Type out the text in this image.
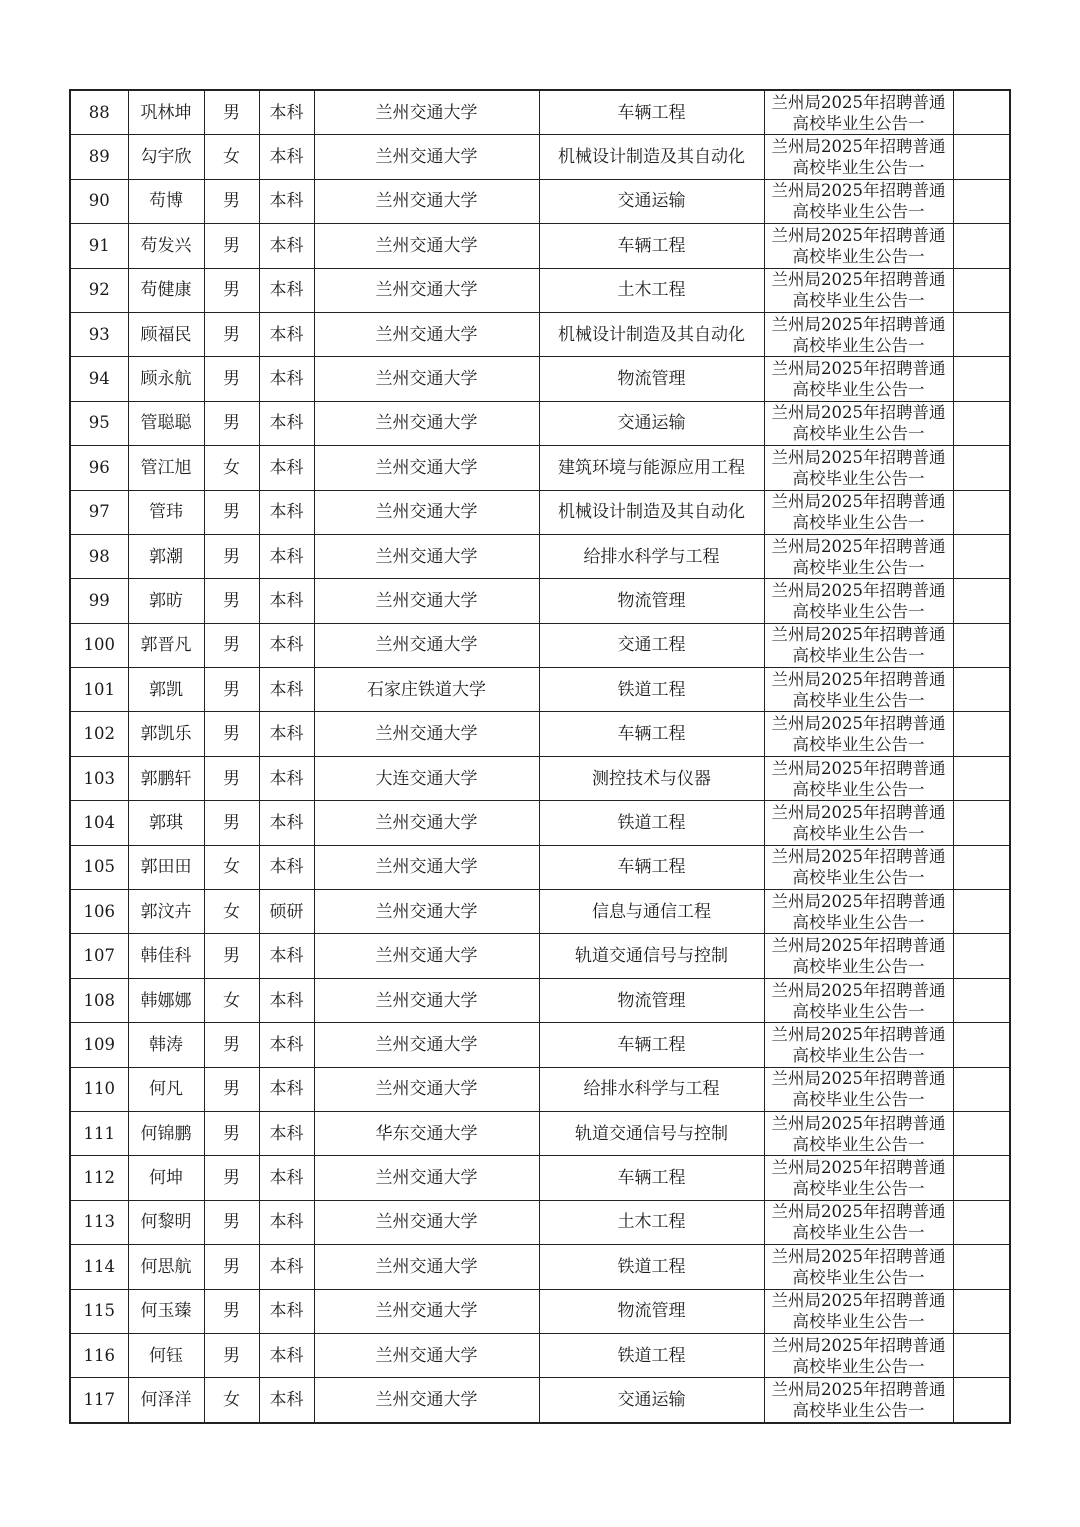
88	巩林坤	男	本科	兰州交通大学	车辆工程	兰州局2025年招聘普通
高校毕业生公告一	

89	勾宇欣	女	本科	兰州交通大学	机械设计制造及其自动化	兰州局2025年招聘普通
高校毕业生公告一	

90	苟博	男	本科	兰州交通大学	交通运输	兰州局2025年招聘普通
高校毕业生公告一	

91	苟发兴	男	本科	兰州交通大学	车辆工程	兰州局2025年招聘普通
高校毕业生公告一	

92	苟健康	男	本科	兰州交通大学	土木工程	兰州局2025年招聘普通
高校毕业生公告一	

93	顾福民	男	本科	兰州交通大学	机械设计制造及其自动化	兰州局2025年招聘普通
高校毕业生公告一	

94	顾永航	男	本科	兰州交通大学	物流管理	兰州局2025年招聘普通
高校毕业生公告一	

95	管聪聪	男	本科	兰州交通大学	交通运输	兰州局2025年招聘普通
高校毕业生公告一	

96	管江旭	女	本科	兰州交通大学	建筑环境与能源应用工程	兰州局2025年招聘普通
高校毕业生公告一	

97	管玮	男	本科	兰州交通大学	机械设计制造及其自动化	兰州局2025年招聘普通
高校毕业生公告一	

98	郭潮	男	本科	兰州交通大学	给排水科学与工程	兰州局2025年招聘普通
高校毕业生公告一	

99	郭昉	男	本科	兰州交通大学	物流管理	兰州局2025年招聘普通
高校毕业生公告一	

100	郭晋凡	男	本科	兰州交通大学	交通工程	兰州局2025年招聘普通
高校毕业生公告一	

101	郭凯	男	本科	石家庄铁道大学	铁道工程	兰州局2025年招聘普通
高校毕业生公告一	

102	郭凯乐	男	本科	兰州交通大学	车辆工程	兰州局2025年招聘普通
高校毕业生公告一	

103	郭鹏轩	男	本科	大连交通大学	测控技术与仪器	兰州局2025年招聘普通
高校毕业生公告一	

104	郭琪	男	本科	兰州交通大学	铁道工程	兰州局2025年招聘普通
高校毕业生公告一	

105	郭田田	女	本科	兰州交通大学	车辆工程	兰州局2025年招聘普通
高校毕业生公告一	

106	郭汶卉	女	硕研	兰州交通大学	信息与通信工程	兰州局2025年招聘普通
高校毕业生公告一	

107	韩佳科	男	本科	兰州交通大学	轨道交通信号与控制	兰州局2025年招聘普通
高校毕业生公告一	

108	韩娜娜	女	本科	兰州交通大学	物流管理	兰州局2025年招聘普通
高校毕业生公告一	

109	韩涛	男	本科	兰州交通大学	车辆工程	兰州局2025年招聘普通
高校毕业生公告一	

110	何凡	男	本科	兰州交通大学	给排水科学与工程	兰州局2025年招聘普通
高校毕业生公告一	

111	何锦鹏	男	本科	华东交通大学	轨道交通信号与控制	兰州局2025年招聘普通
高校毕业生公告一	

112	何坤	男	本科	兰州交通大学	车辆工程	兰州局2025年招聘普通
高校毕业生公告一	

113	何黎明	男	本科	兰州交通大学	土木工程	兰州局2025年招聘普通
高校毕业生公告一	

114	何思航	男	本科	兰州交通大学	铁道工程	兰州局2025年招聘普通
高校毕业生公告一	

115	何玉臻	男	本科	兰州交通大学	物流管理	兰州局2025年招聘普通
高校毕业生公告一	

116	何钰	男	本科	兰州交通大学	铁道工程	兰州局2025年招聘普通
高校毕业生公告一	

117	何泽洋	女	本科	兰州交通大学	交通运输	兰州局2025年招聘普通
高校毕业生公告一	
